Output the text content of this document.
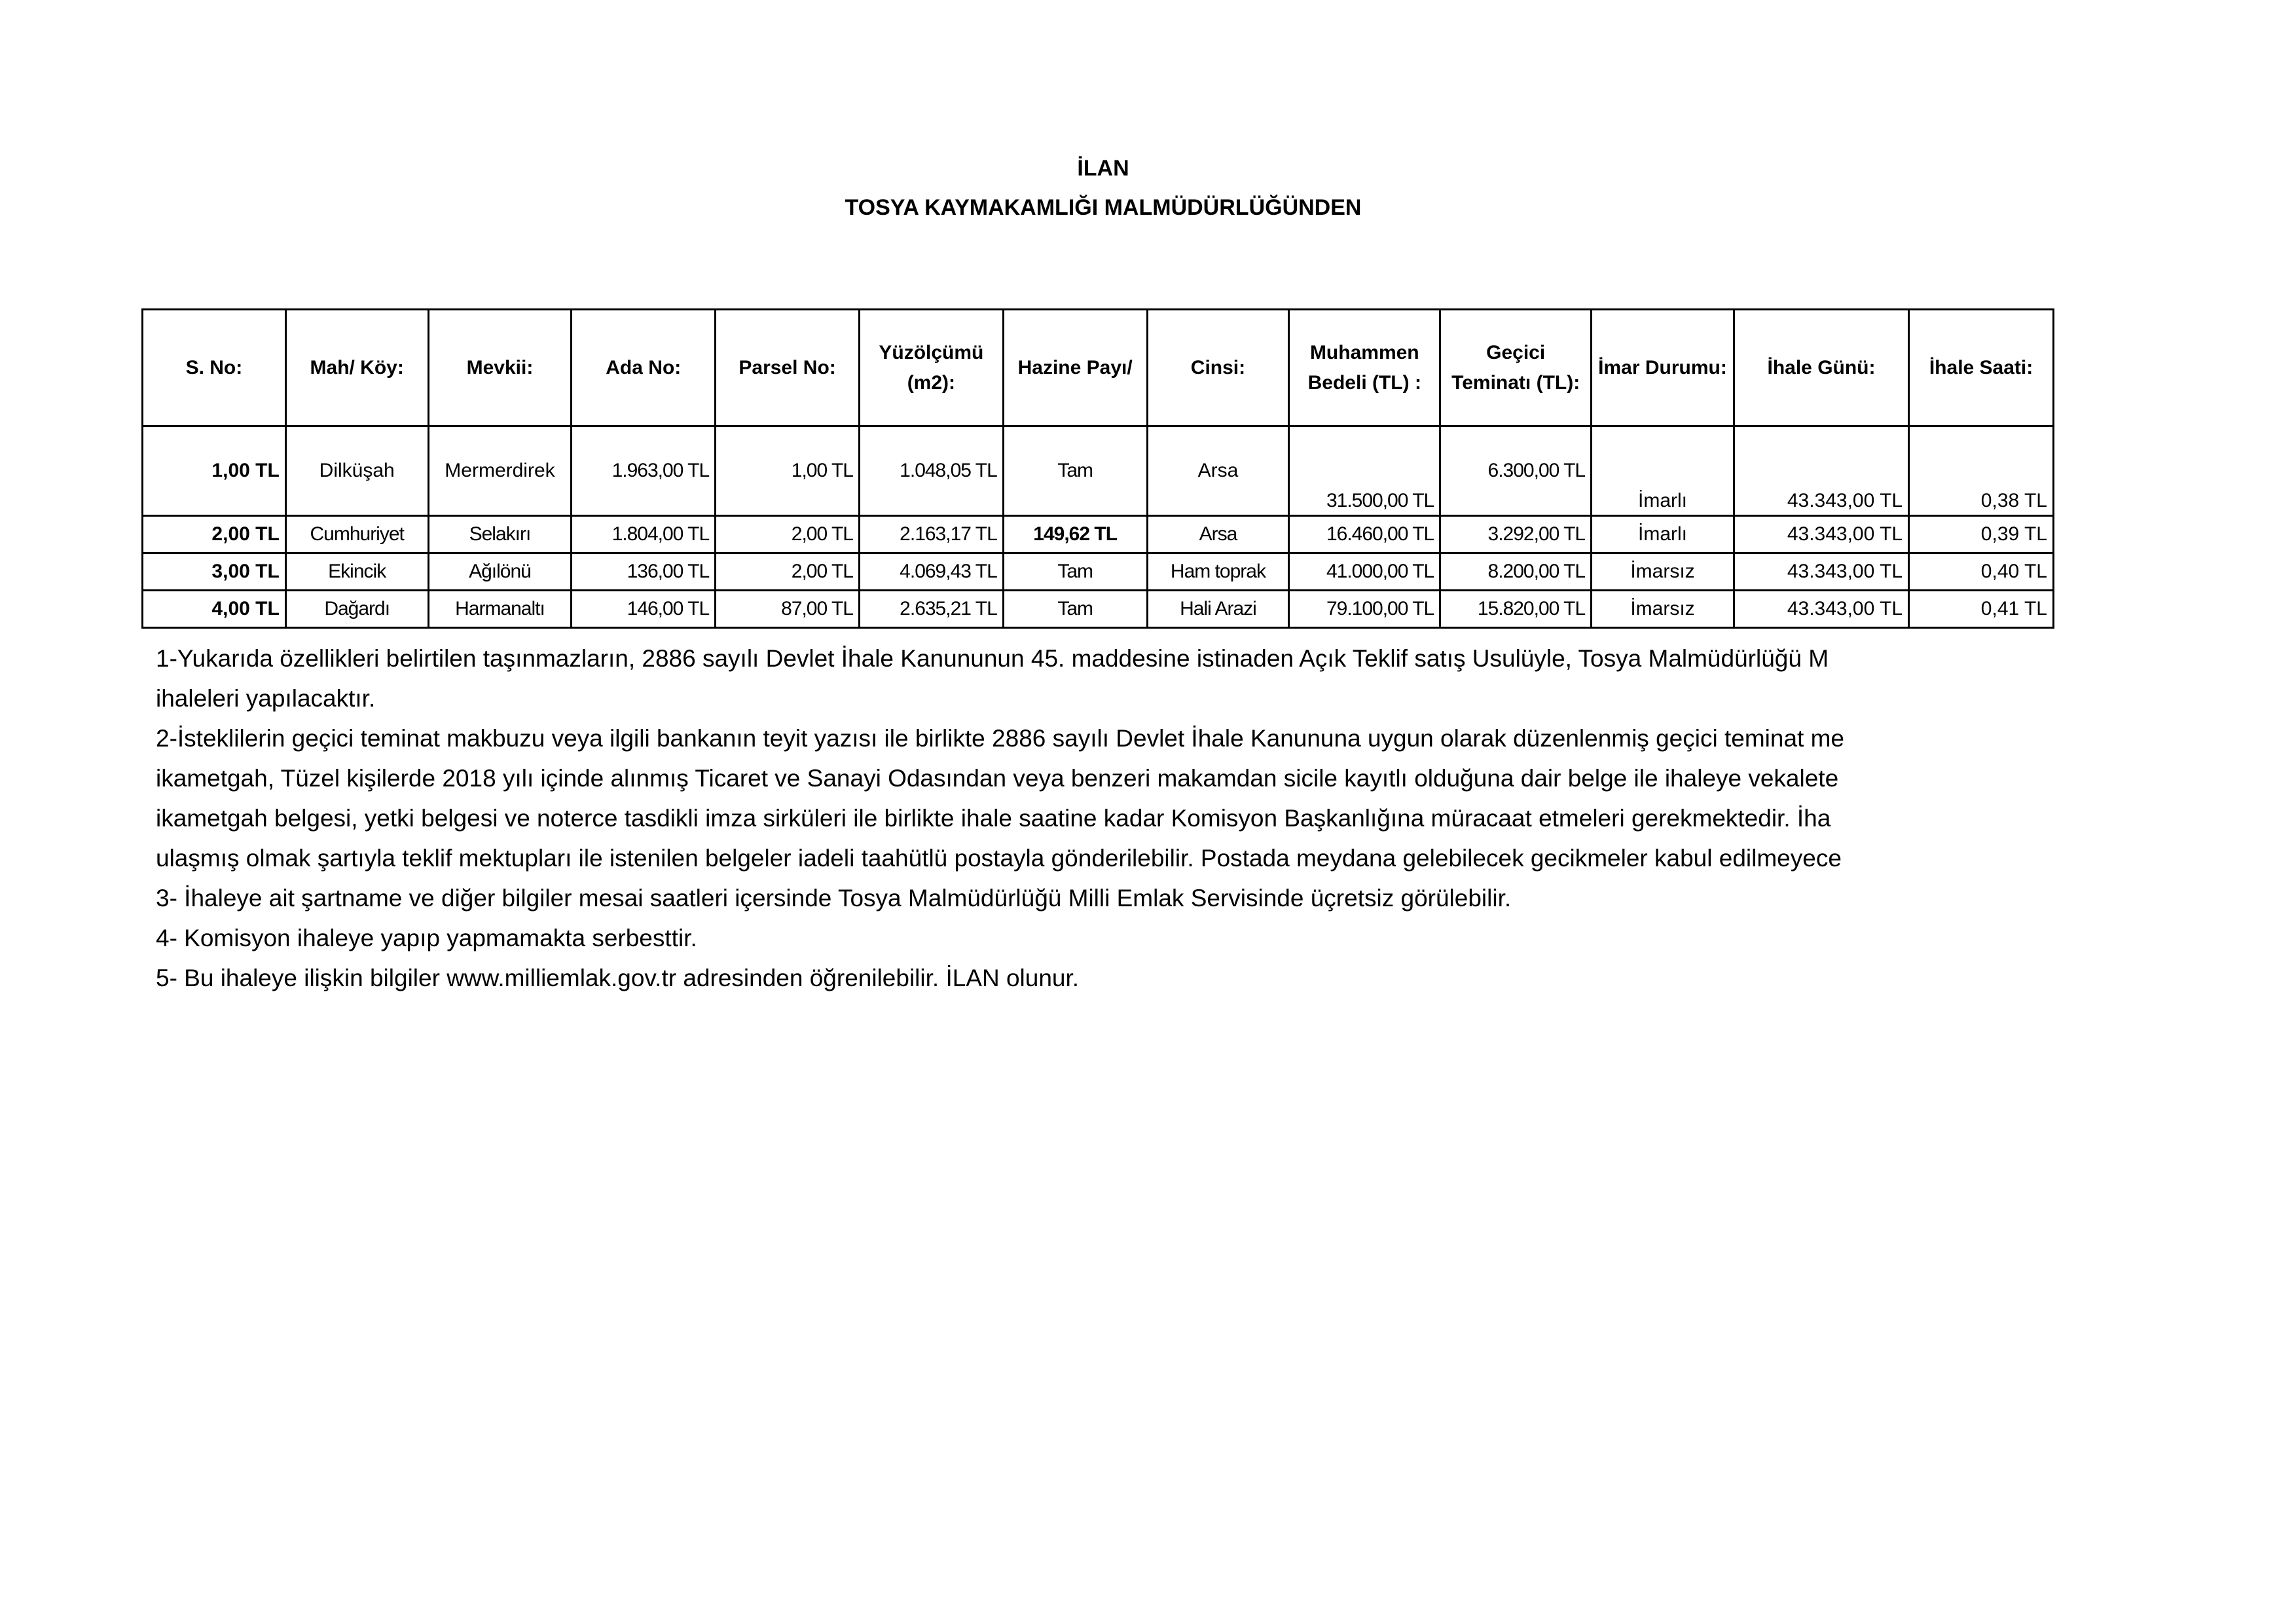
İLAN
TOSYA KAYMAKAMLIĞI MALMÜDÜRLÜĞÜNDEN
S. No:	Mah/ Köy:	Mevkii:	Ada No:	Parsel No:	Yüzölçümü (m2):	Hazine Payı/	Cinsi:	Muhammen Bedeli (TL) :	Geçici Teminatı (TL):	İmar Durumu:	İhale Günü:	İhale Saati:
1,00 TL	Dilküşah	Mermerdirek	1.963,00 TL	1,00 TL	1.048,05 TL	Tam	Arsa	31.500,00 TL	6.300,00 TL	İmarlı	43.343,00 TL	0,38 TL
2,00 TL	Cumhuriyet	Selakırı	1.804,00 TL	2,00 TL	2.163,17 TL	149,62 TL	Arsa	16.460,00 TL	3.292,00 TL	İmarlı	43.343,00 TL	0,39 TL
3,00 TL	Ekincik	Ağılönü	136,00 TL	2,00 TL	4.069,43 TL	Tam	Ham toprak	41.000,00 TL	8.200,00 TL	İmarsız	43.343,00 TL	0,40 TL
4,00 TL	Dağardı	Harmanaltı	146,00 TL	87,00 TL	2.635,21 TL	Tam	Hali Arazi	79.100,00 TL	15.820,00 TL	İmarsız	43.343,00 TL	0,41 TL
1-Yukarıda özellikleri belirtilen taşınmazların, 2886 sayılı Devlet İhale Kanununun 45. maddesine istinaden Açık Teklif satış Usulüyle, Tosya Malmüdürlüğü M
ihaleleri yapılacaktır.
2-İsteklilerin geçici teminat makbuzu veya ilgili bankanın teyit yazısı ile birlikte 2886 sayılı Devlet İhale Kanununa uygun olarak düzenlenmiş geçici teminat me
ikametgah, Tüzel kişilerde 2018 yılı içinde alınmış Ticaret ve Sanayi Odasından veya benzeri makamdan sicile kayıtlı olduğuna dair belge ile ihaleye vekalete
ikametgah belgesi, yetki belgesi ve noterce tasdikli imza sirküleri ile birlikte ihale saatine kadar Komisyon Başkanlığına müracaat etmeleri gerekmektedir. İha
ulaşmış olmak şartıyla teklif mektupları ile istenilen belgeler iadeli taahütlü postayla gönderilebilir. Postada meydana gelebilecek gecikmeler kabul edilmeyece
3- İhaleye ait şartname ve diğer bilgiler mesai saatleri içersinde Tosya Malmüdürlüğü Milli Emlak Servisinde üçretsiz görülebilir.
4- Komisyon ihaleye yapıp yapmamakta serbesttir.
5- Bu ihaleye ilişkin bilgiler www.milliemlak.gov.tr adresinden öğrenilebilir. İLAN olunur.
